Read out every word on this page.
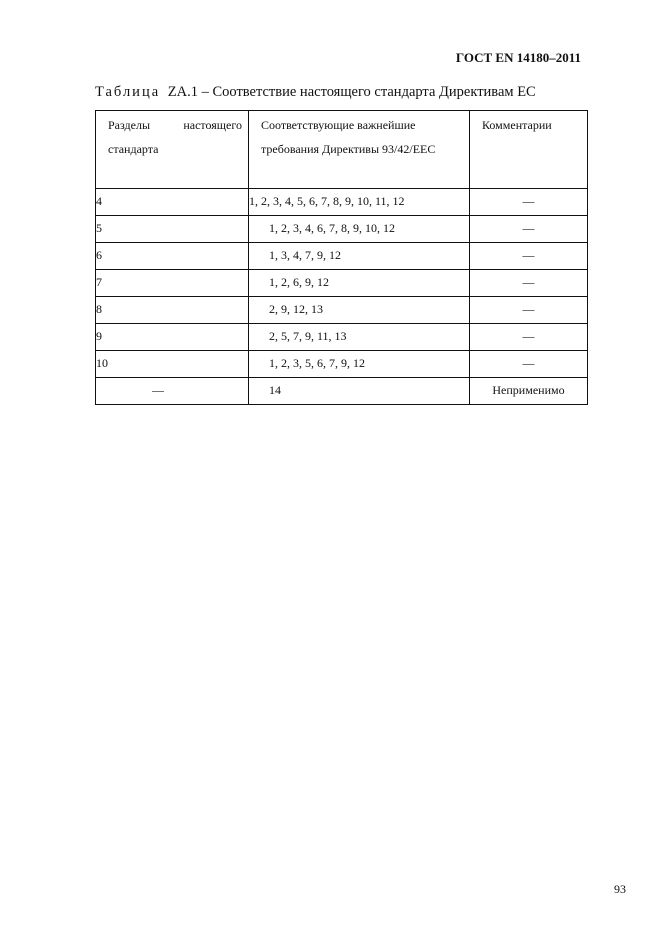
ГОСТ EN 14180–2011
Таблица ZA.1 – Соответствие настоящего стандарта Директивам ЕС
Разделы настоящего стандарта	Соответствующие важнейшие требования Директивы 93/42/EEC	Комментарии
4	1, 2, 3, 4, 5, 6, 7, 8, 9, 10, 11, 12	—
5	1, 2, 3, 4, 6, 7, 8, 9, 10, 12	—
6	1, 3, 4, 7, 9, 12	—
7	1, 2, 6, 9, 12	—
8	2, 9, 12, 13	—
9	2, 5, 7, 9, 11, 13	—
10	1, 2, 3, 5, 6, 7, 9, 12	—
—	14	Неприменимо
93
